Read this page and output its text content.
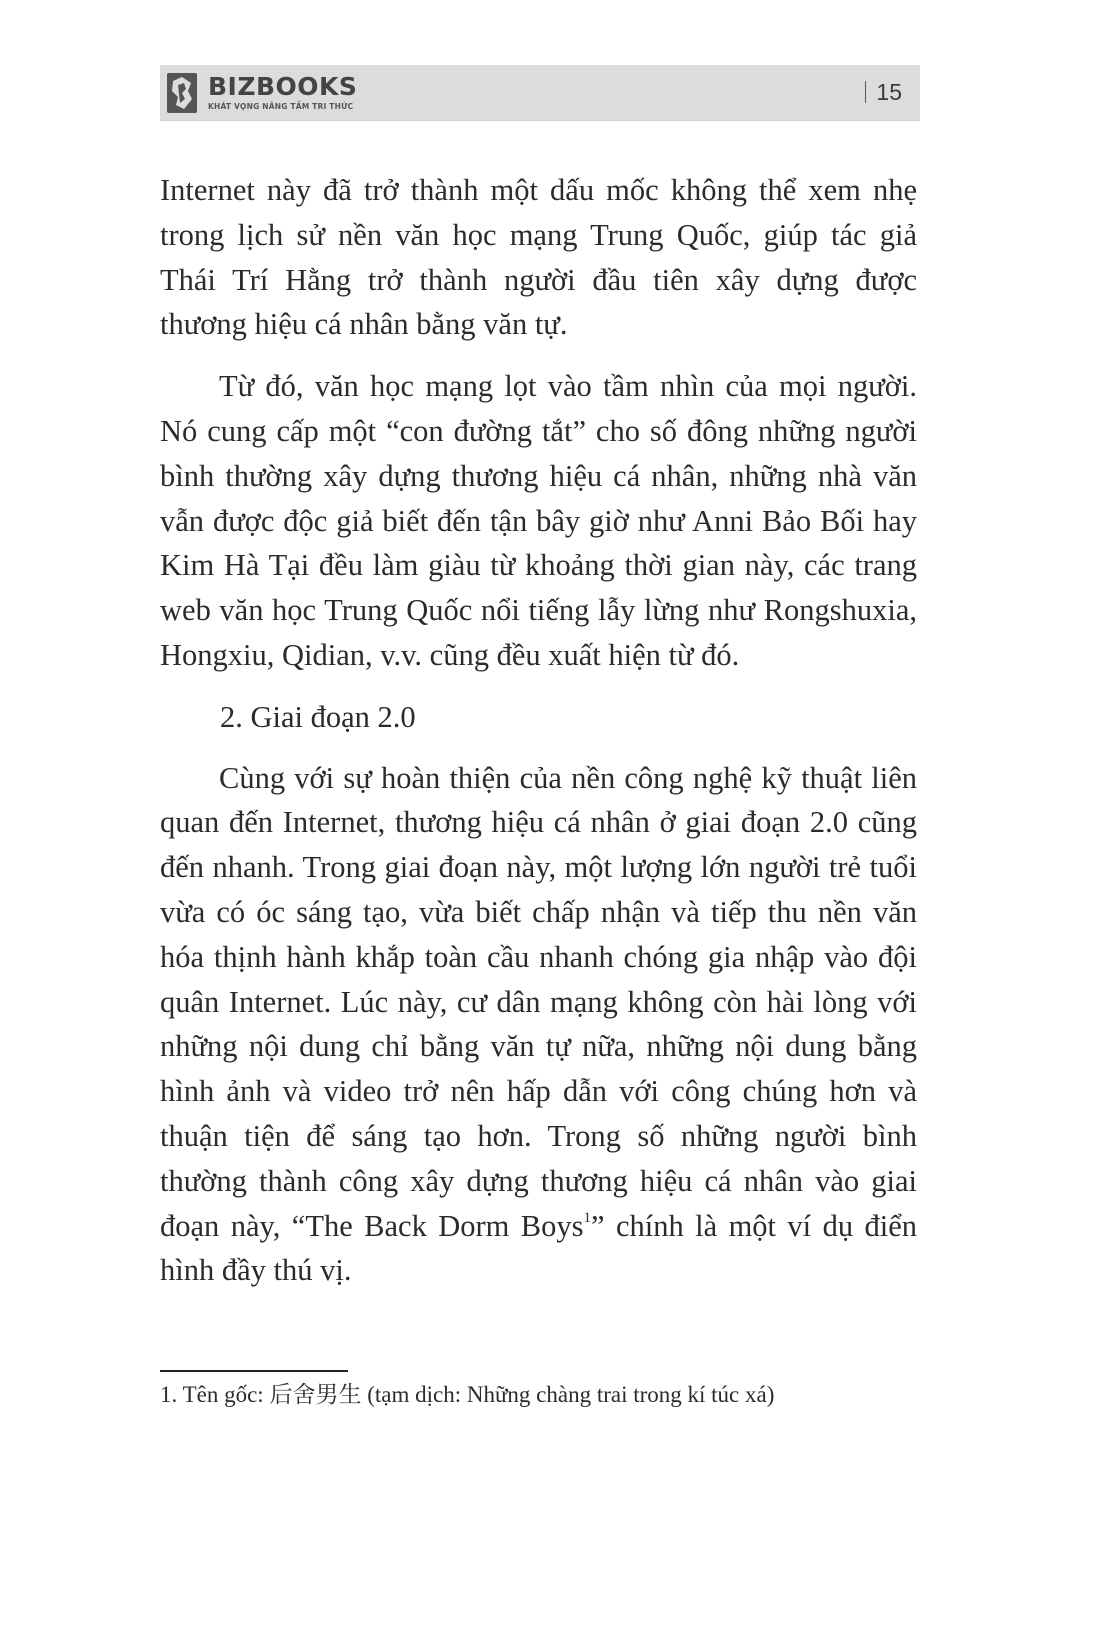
BIZBOOKS
KHÁT VỌNG NÂNG TẦM TRI THỨC
15

Internet này đã trở thành một dấu mốc không thể xem nhẹ trong lịch sử nền văn học mạng Trung Quốc, giúp tác giả Thái Trí Hằng trở thành người đầu tiên xây dựng được thương hiệu cá nhân bằng văn tự.

Từ đó, văn học mạng lọt vào tầm nhìn của mọi người. Nó cung cấp một “con đường tắt” cho số đông những người bình thường xây dựng thương hiệu cá nhân, những nhà văn vẫn được độc giả biết đến tận bây giờ như Anni Bảo Bối hay Kim Hà Tại đều làm giàu từ khoảng thời gian này, các trang web văn học Trung Quốc nổi tiếng lẫy lừng như Rongshuxia, Hongxiu, Qidian, v.v. cũng đều xuất hiện từ đó.

2. Giai đoạn 2.0

Cùng với sự hoàn thiện của nền công nghệ kỹ thuật liên quan đến Internet, thương hiệu cá nhân ở giai đoạn 2.0 cũng đến nhanh. Trong giai đoạn này, một lượng lớn người trẻ tuổi vừa có óc sáng tạo, vừa biết chấp nhận và tiếp thu nền văn hóa thịnh hành khắp toàn cầu nhanh chóng gia nhập vào đội quân Internet. Lúc này, cư dân mạng không còn hài lòng với những nội dung chỉ bằng văn tự nữa, những nội dung bằng hình ảnh và video trở nên hấp dẫn với công chúng hơn và thuận tiện để sáng tạo hơn. Trong số những người bình thường thành công xây dựng thương hiệu cá nhân vào giai đoạn này, “The Back Dorm Boys$^1$” chính là một ví dụ điển hình đầy thú vị.

1. Tên gốc: 后舍男生 (tạm dịch: Những chàng trai trong kí túc xá)
